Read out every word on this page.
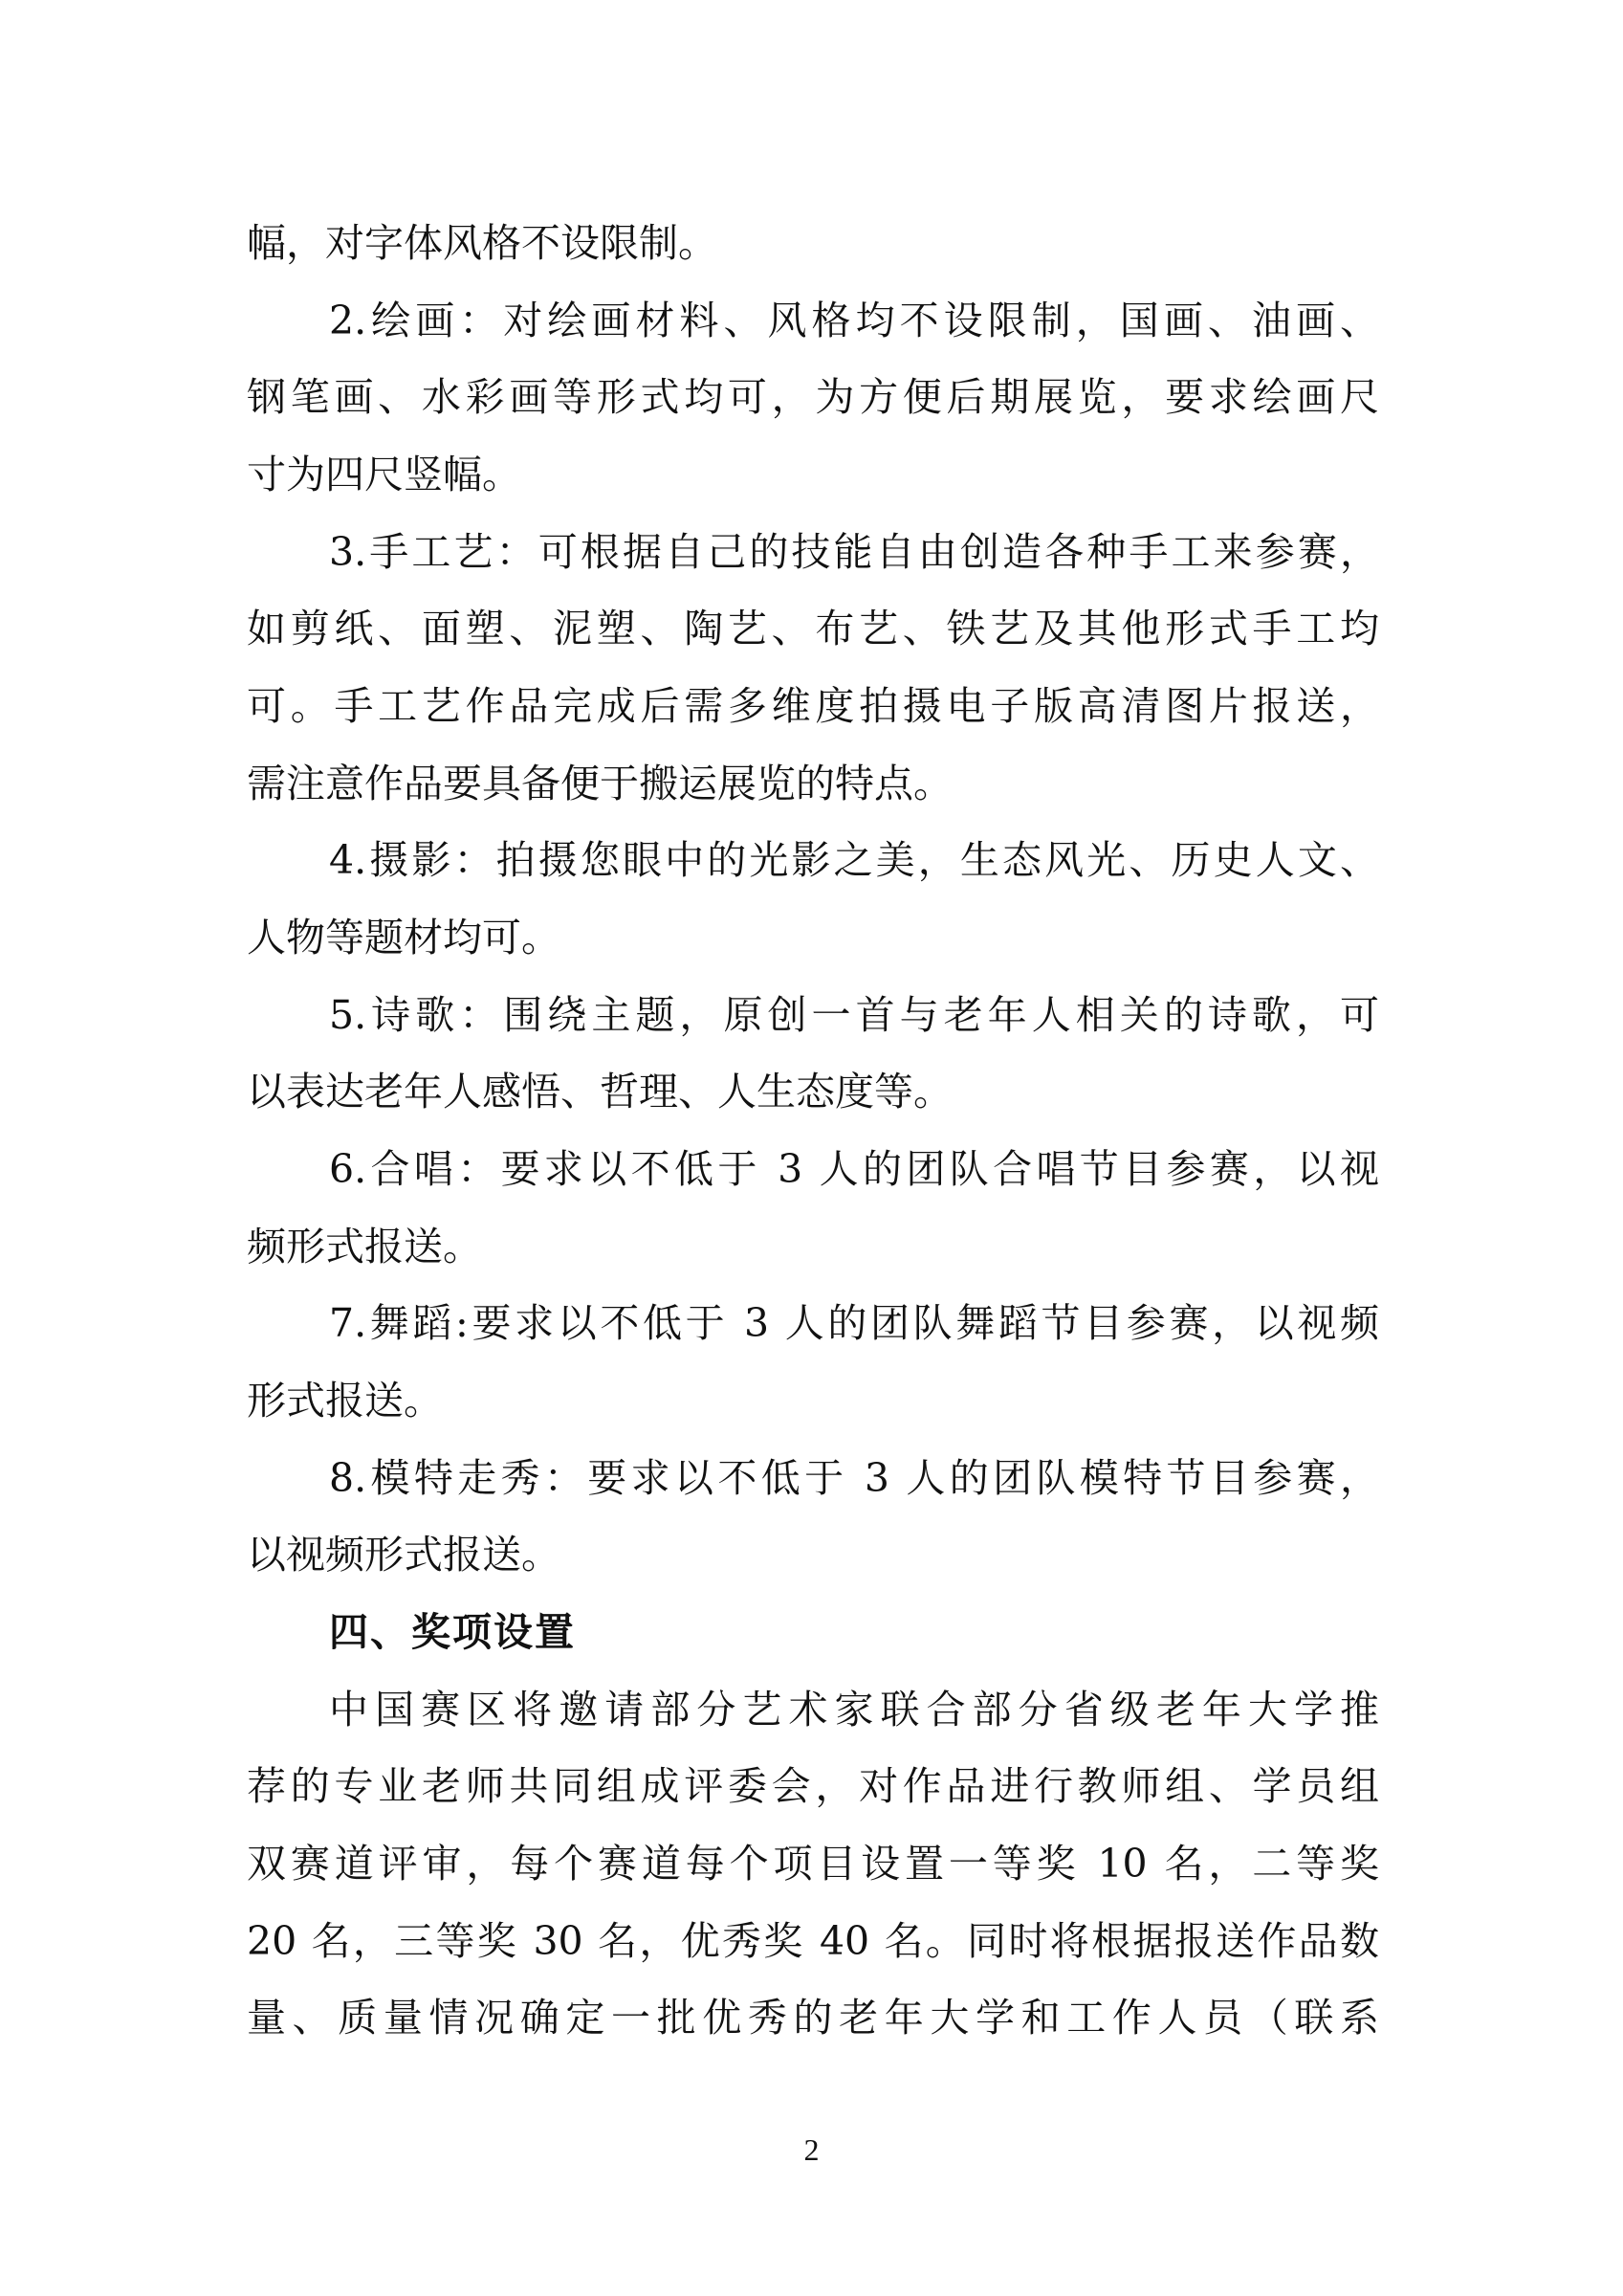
幅，对字体风格不设限制。
2.绘画：对绘画材料、风格均不设限制，国画、油画、
钢笔画、水彩画等形式均可，为方便后期展览，要求绘画尺
寸为四尺竖幅。
3.手工艺：可根据自己的技能自由创造各种手工来参赛，
如剪纸、面塑、泥塑、陶艺、布艺、铁艺及其他形式手工均
可。手工艺作品完成后需多维度拍摄电子版高清图片报送，
需注意作品要具备便于搬运展览的特点。
4.摄影：拍摄您眼中的光影之美，生态风光、历史人文、
人物等题材均可。
5.诗歌：围绕主题，原创一首与老年人相关的诗歌，可
以表达老年人感悟、哲理、人生态度等。
6.合唱：要求以不低于 3 人的团队合唱节目参赛，以视
频形式报送。
7.舞蹈:要求以不低于 3 人的团队舞蹈节目参赛，以视频
形式报送。
8.模特走秀：要求以不低于 3 人的团队模特节目参赛，
以视频形式报送。
四、奖项设置
中国赛区将邀请部分艺术家联合部分省级老年大学推
荐的专业老师共同组成评委会，对作品进行教师组、学员组
双赛道评审，每个赛道每个项目设置一等奖 10 名，二等奖
20 名，三等奖 30 名，优秀奖 40 名。同时将根据报送作品数
量、质量情况确定一批优秀的老年大学和工作人员（联系
2
